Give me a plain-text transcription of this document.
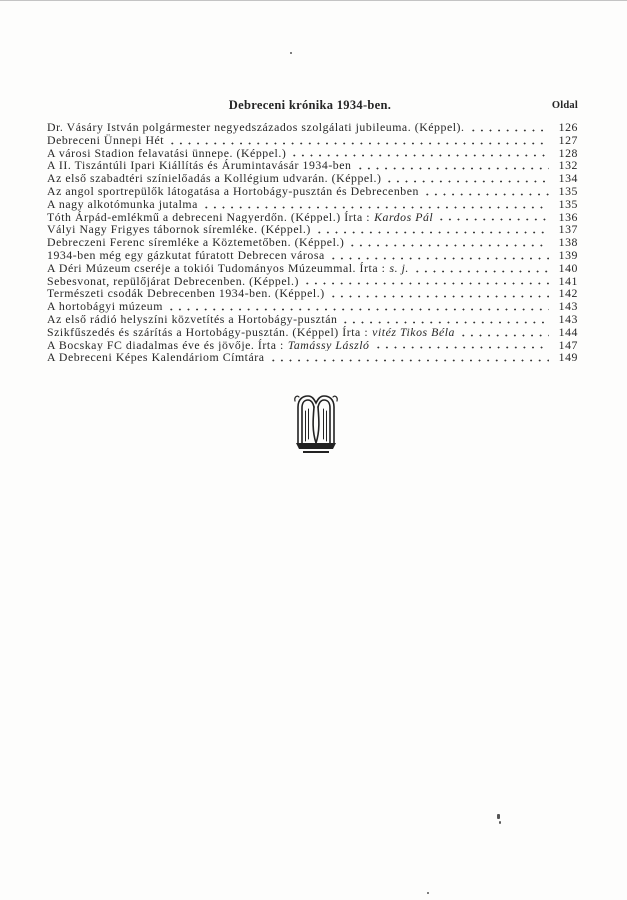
Debreceni krónika 1934-ben.	Oldal
Dr. Vásáry István polgármester negyedszázados szolgálati jubileuma. (Képpel).	126
Debreceni Ünnepi Hét	127
A városi Stadion felavatási ünnepe. (Képpel.)	128
A II. Tiszántúli Ipari Kiállítás és Árumintavásár 1934-ben	132
Az első szabadtéri színielőadás a Kollégium udvarán. (Képpel.)	134
Az angol sportrepülők látogatása a Hortobágy-pusztán és Debrecenben	135
A nagy alkotómunka jutalma	135
Tóth Árpád-emlékmű a debreceni Nagyerdőn. (Képpel.) Írta : Kardos Pál	136
Vályi Nagy Frigyes tábornok síremléke. (Képpel.)	137
Debreczeni Ferenc síremléke a Köztemetőben. (Képpel.)	138
1934-ben még egy gázkutat fúratott Debrecen városa	139
A Déri Múzeum cseréje a tokiói Tudományos Múzeummal. Írta : s. j.	140
Sebesvonat, repülőjárat Debrecenben. (Képpel.)	141
Természeti csodák Debrecenben 1934-ben. (Képpel.)	142
A hortobágyi múzeum	143
Az első rádió helyszíni közvetítés a Hortobágy-pusztán	143
Szikfűszedés és szárítás a Hortobágy-pusztán. (Képpel) Írta : vitéz Tikos Béla	144
A Bocskay FC diadalmas éve és jövője. Írta : Tamássy László	147
A Debreceni Képes Kalendáriom Címtára	149
